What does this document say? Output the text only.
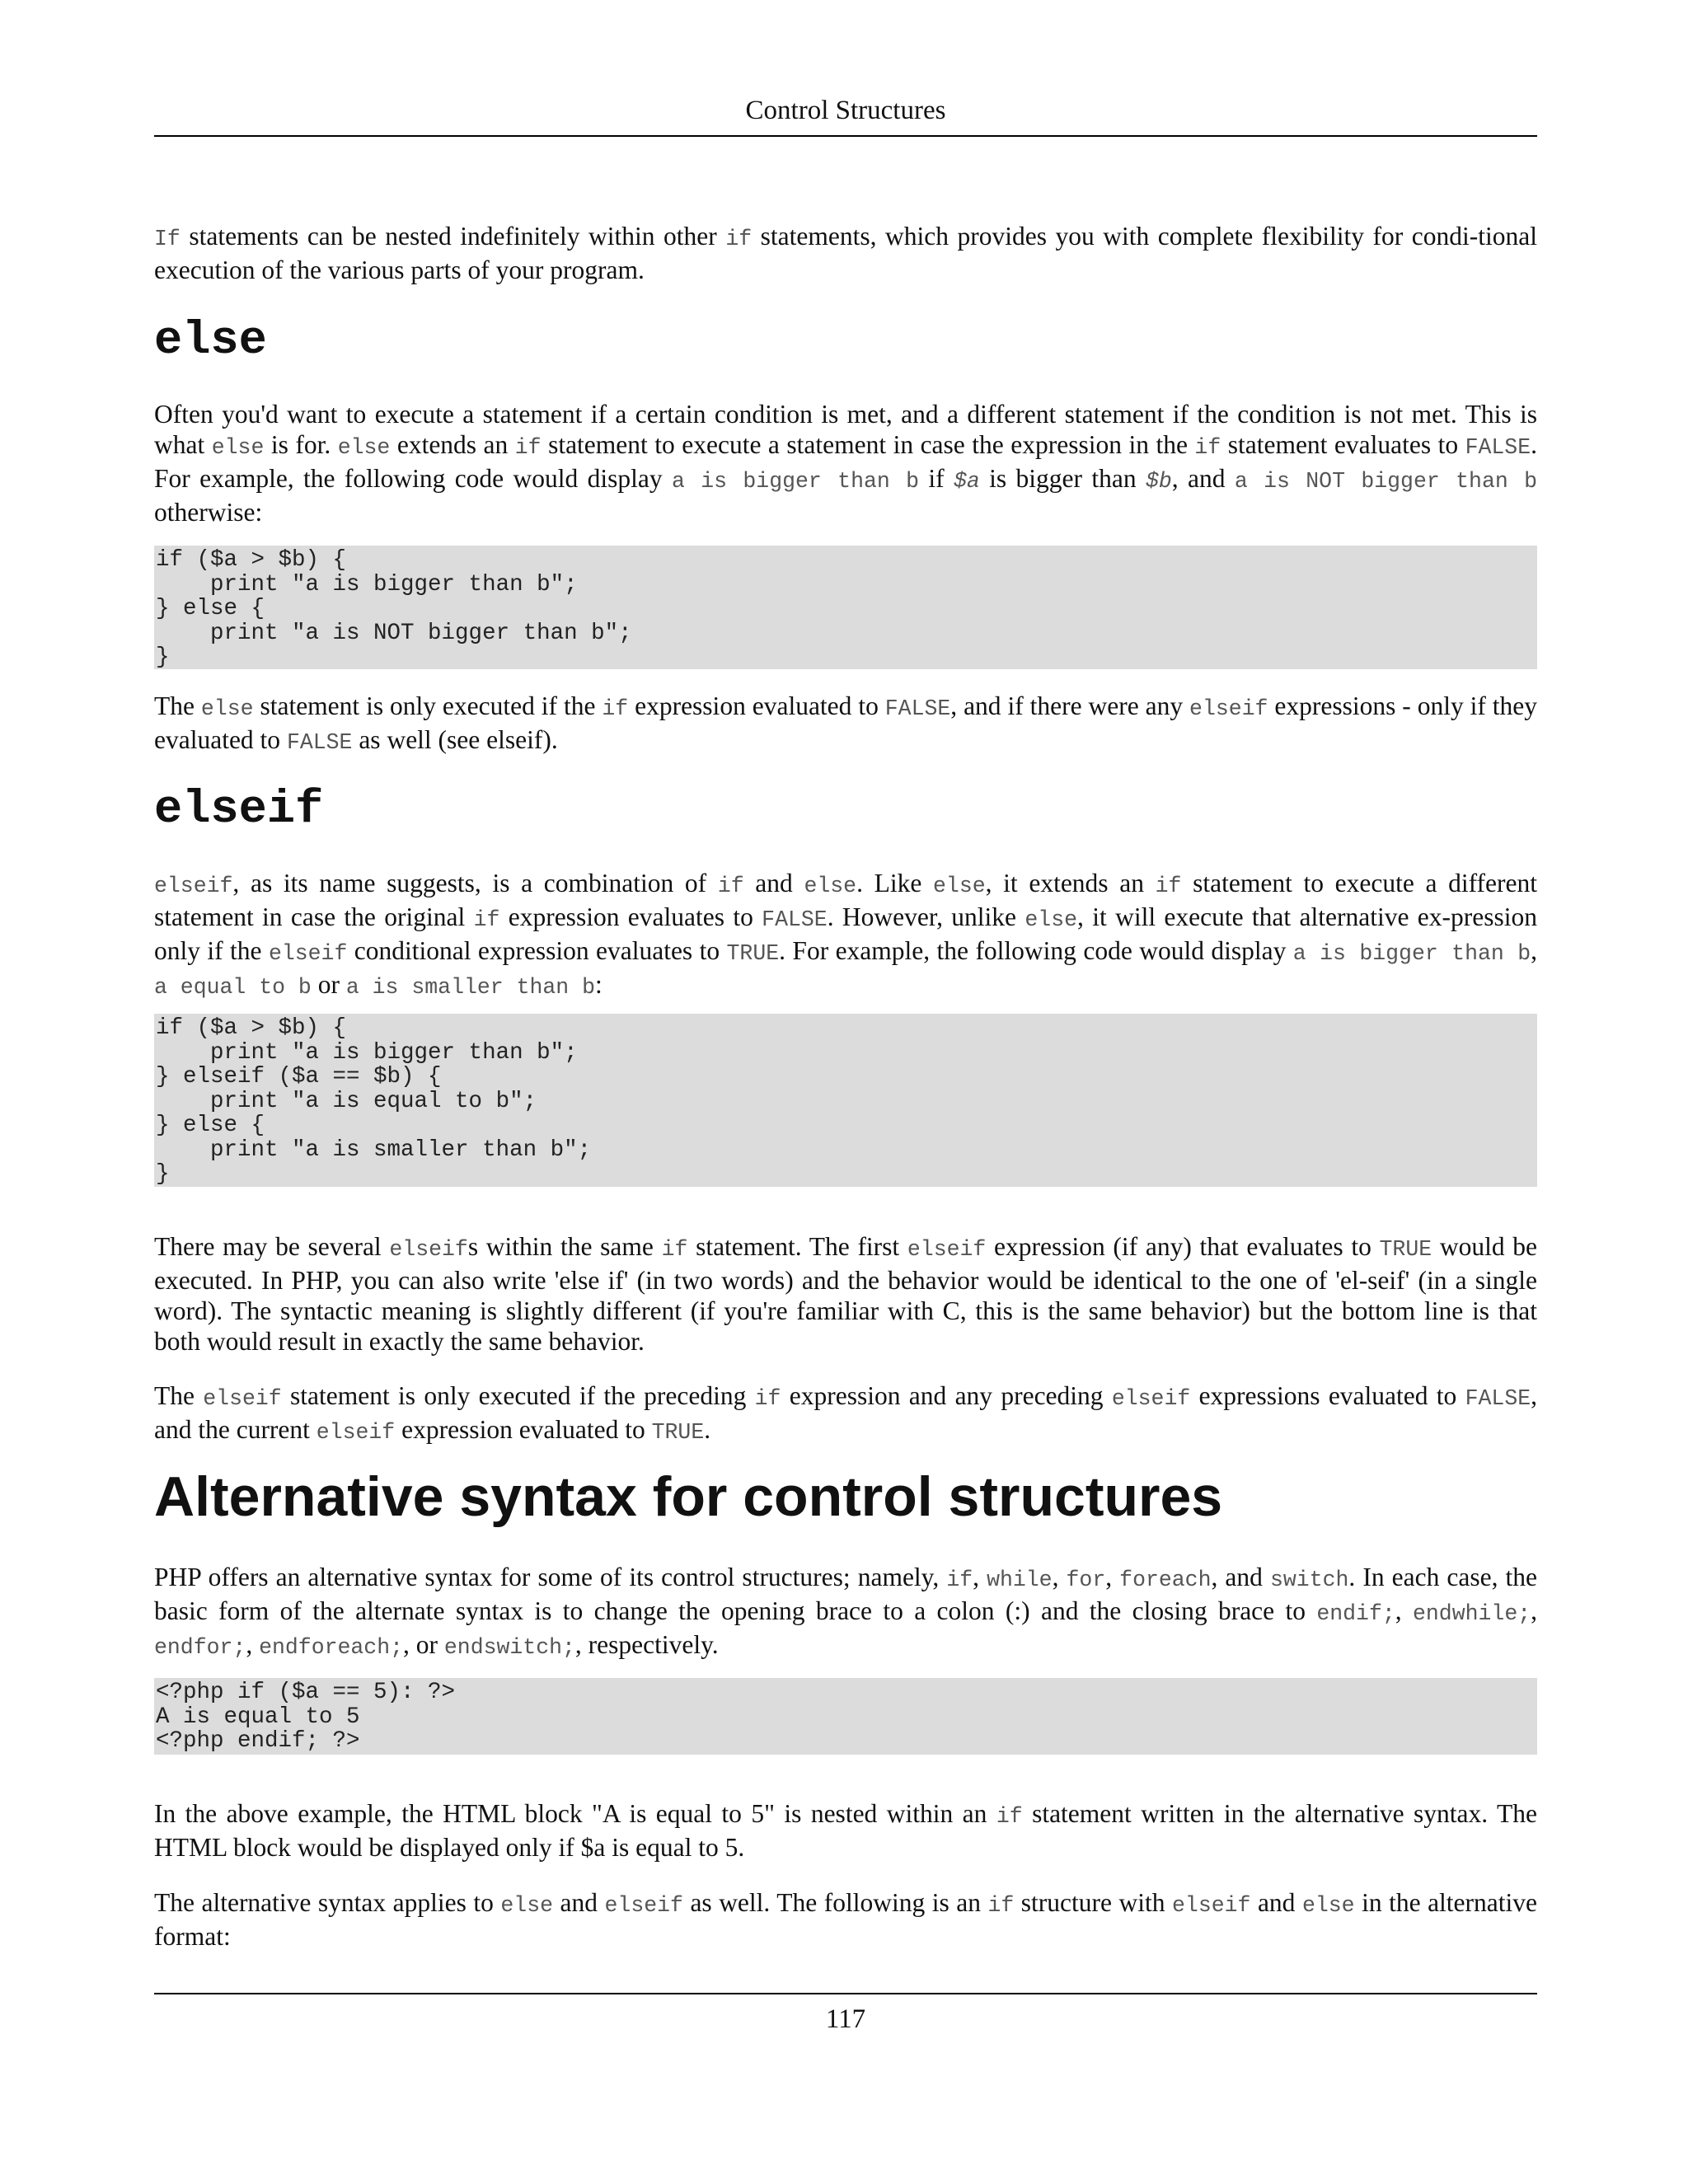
Control Structures
If statements can be nested indefinitely within other if statements, which provides you with complete flexibility for condi-tional execution of the various parts of your program.
else
Often you'd want to execute a statement if a certain condition is met, and a different statement if the condition is not met. This is what else is for. else extends an if statement to execute a statement in case the expression in the if statement evaluates to FALSE. For example, the following code would display a is bigger than b if $a is bigger than $b, and a is NOT bigger than b otherwise:
if ($a > $b) {
print "a is bigger than b";
} else {
print "a is NOT bigger than b";
}
The else statement is only executed if the if expression evaluated to FALSE, and if there were any elseif expressions - only if they evaluated to FALSE as well (see elseif).
elseif
elseif, as its name suggests, is a combination of if and else. Like else, it extends an if statement to execute a different statement in case the original if expression evaluates to FALSE. However, unlike else, it will execute that alternative ex-pression only if the elseif conditional expression evaluates to TRUE. For example, the following code would display a is bigger than b, a equal to b or a is smaller than b:
if ($a > $b) {
print "a is bigger than b";
} elseif ($a == $b) {
print "a is equal to b";
} else {
print "a is smaller than b";
}
There may be several elseifs within the same if statement. The first elseif expression (if any) that evaluates to TRUE would be executed. In PHP, you can also write 'else if' (in two words) and the behavior would be identical to the one of 'el-seif' (in a single word). The syntactic meaning is slightly different (if you're familiar with C, this is the same behavior) but the bottom line is that both would result in exactly the same behavior.
The elseif statement is only executed if the preceding if expression and any preceding elseif expressions evaluated to FALSE, and the current elseif expression evaluated to TRUE.
Alternative syntax for control structures
PHP offers an alternative syntax for some of its control structures; namely, if, while, for, foreach, and switch. In each case, the basic form of the alternate syntax is to change the opening brace to a colon (:) and the closing brace to endif;, endwhile;, endfor;, endforeach;, or endswitch;, respectively.
<?php if ($a == 5): ?>
A is equal to 5
<?php endif; ?>
In the above example, the HTML block "A is equal to 5" is nested within an if statement written in the alternative syntax. The HTML block would be displayed only if $a is equal to 5.
The alternative syntax applies to else and elseif as well. The following is an if structure with elseif and else in the alternative format:
117
